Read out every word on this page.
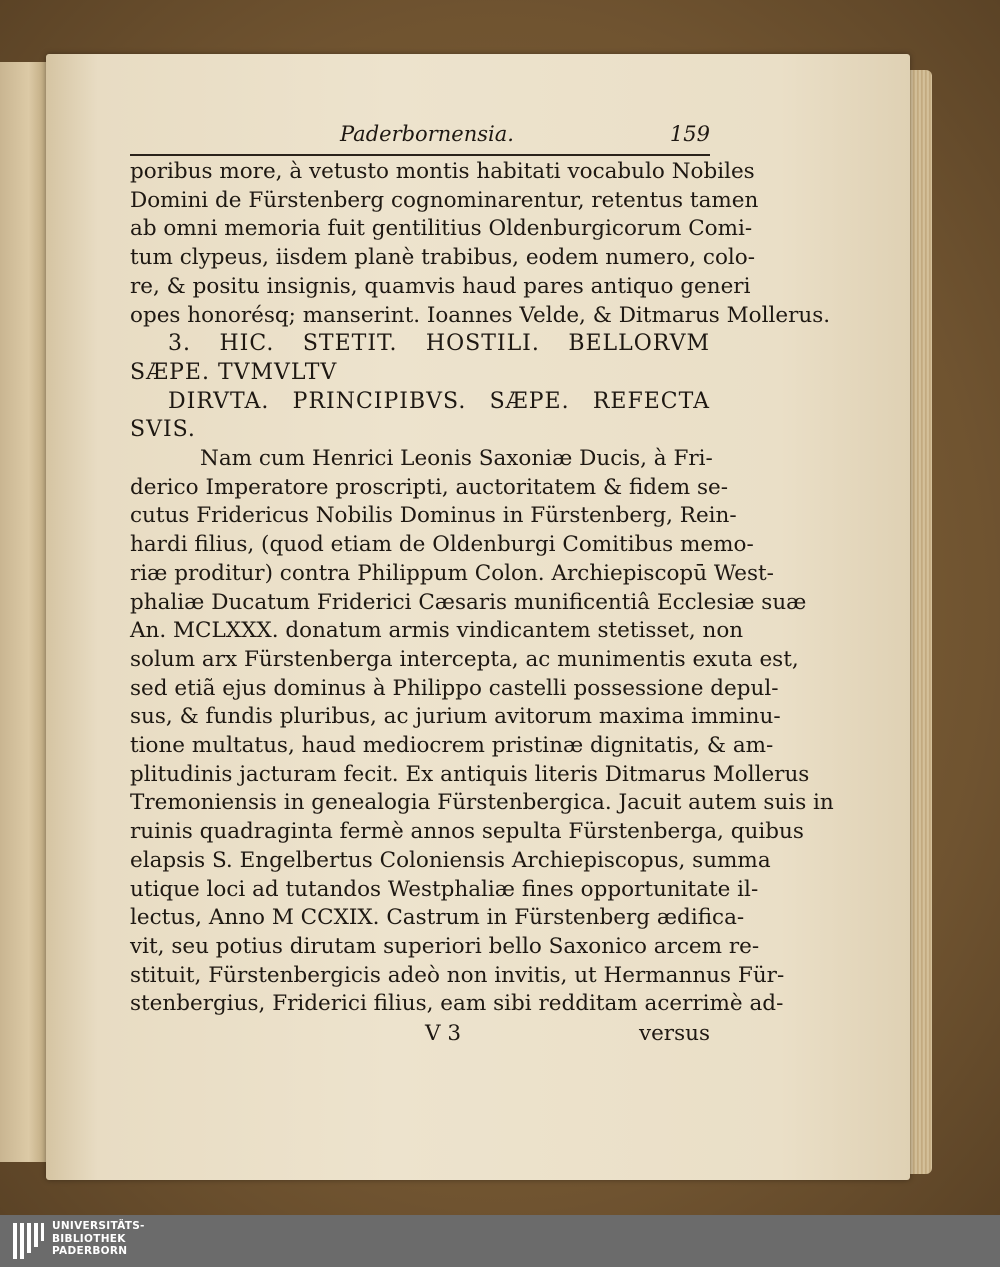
Paderbornensia.	159
poribus more, à vetusto montis habitati vocabulo Nobiles
Domini de Fürstenberg cognominarentur, retentus tamen
ab omni memoria fuit gentilitius Oldenburgicorum Comi-
tum clypeus, iisdem planè trabibus, eodem numero, colo-
re, & positu insignis, quamvis haud pares antiquo generi
opes honorésq; manserint. Ioannes Velde, & Ditmarus Mollerus.
3. HIC. STETIT. HOSTILI. BELLORVM
SÆPE. TVMVLTV
DIRVTA. PRINCIPIBVS. SÆPE. REFECTA
SVIS.
Nam cum Henrici Leonis Saxoniæ Ducis, à Fri-
derico Imperatore proscripti, auctoritatem & fidem se-
cutus Fridericus Nobilis Dominus in Fürstenberg, Rein-
hardi filius, (quod etiam de Oldenburgi Comitibus memo-
riæ proditur) contra Philippum Colon. Archiepiscopū West-
phaliæ Ducatum Friderici Cæsaris munificentiâ Ecclesiæ suæ
An. MCLXXX. donatum armis vindicantem stetisset, non
solum arx Fürstenberga intercepta, ac munimentis exuta est,
sed etiã ejus dominus à Philippo castelli possessione depul-
sus, & fundis pluribus, ac jurium avitorum maxima imminu-
tione multatus, haud mediocrem pristinæ dignitatis, & am-
plitudinis jacturam fecit. Ex antiquis literis Ditmarus Mollerus
Tremoniensis in genealogia Fürstenbergica. Jacuit autem suis in
ruinis quadraginta fermè annos sepulta Fürstenberga, quibus
elapsis S. Engelbertus Coloniensis Archiepiscopus, summa
utique loci ad tutandos Westphaliæ fines opportunitate il-
lectus, Anno M CCXIX. Castrum in Fürstenberg ædifica-
vit, seu potius dirutam superiori bello Saxonico arcem re-
stituit, Fürstenbergicis adeò non invitis, ut Hermannus Für-
stenbergius, Friderici filius, eam sibi redditam acerrimè ad-
V 3	versus
UNIVERSITÄTS-
BIBLIOTHEK
PADERBORN
